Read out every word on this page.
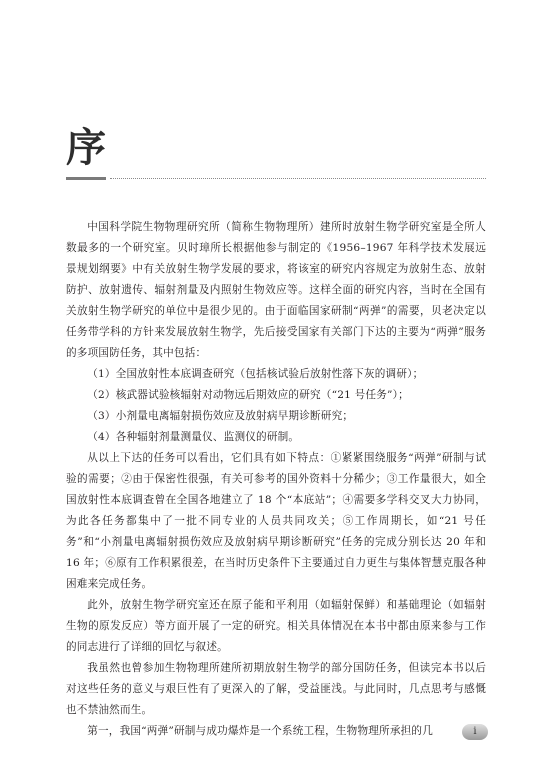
序

中国科学院生物物理研究所（简称生物物理所）建所时放射生物学研究室是全所人数最多的一个研究室。贝时璋所长根据他参与制定的《1956–1967 年科学技术发展远景规划纲要》中有关放射生物学发展的要求，将该室的研究内容规定为放射生态、放射防护、放射遗传、辐射剂量及内照射生物效应等。这样全面的研究内容，当时在全国有关放射生物学研究的单位中是很少见的。由于面临国家研制“两弹”的需要，贝老决定以任务带学科的方针来发展放射生物学，先后接受国家有关部门下达的主要为“两弹”服务的多项国防任务，其中包括：

（1）全国放射性本底调查研究（包括核试验后放射性落下灰的调研）；

（2）核武器试验核辐射对动物远后期效应的研究（“21 号任务”）；

（3）小剂量电离辐射损伤效应及放射病早期诊断研究；

（4）各种辐射剂量测量仪、监测仪的研制。

从以上下达的任务可以看出，它们具有如下特点：①紧紧围绕服务“两弹”研制与试验的需要；②由于保密性很强，有关可参考的国外资料十分稀少；③工作量很大，如全国放射性本底调查曾在全国各地建立了 18 个“本底站”；④需要多学科交叉大力协同，为此各任务都集中了一批不同专业的人员共同攻关；⑤工作周期长，如“21 号任务”和“小剂量电离辐射损伤效应及放射病早期诊断研究”任务的完成分别长达 20 年和 16 年；⑥原有工作积累很差，在当时历史条件下主要通过自力更生与集体智慧克服各种困难来完成任务。

此外，放射生物学研究室还在原子能和平利用（如辐射保鲜）和基础理论（如辐射生物的原发反应）等方面开展了一定的研究。相关具体情况在本书中都由原来参与工作的同志进行了详细的回忆与叙述。

我虽然也曾参加生物物理所建所初期放射生物学的部分国防任务，但读完本书以后对这些任务的意义与艰巨性有了更深入的了解，受益匪浅。与此同时，几点思考与感慨也不禁油然而生。

第一，我国“两弹”研制与成功爆炸是一个系统工程，生物物理所承担的几	i
